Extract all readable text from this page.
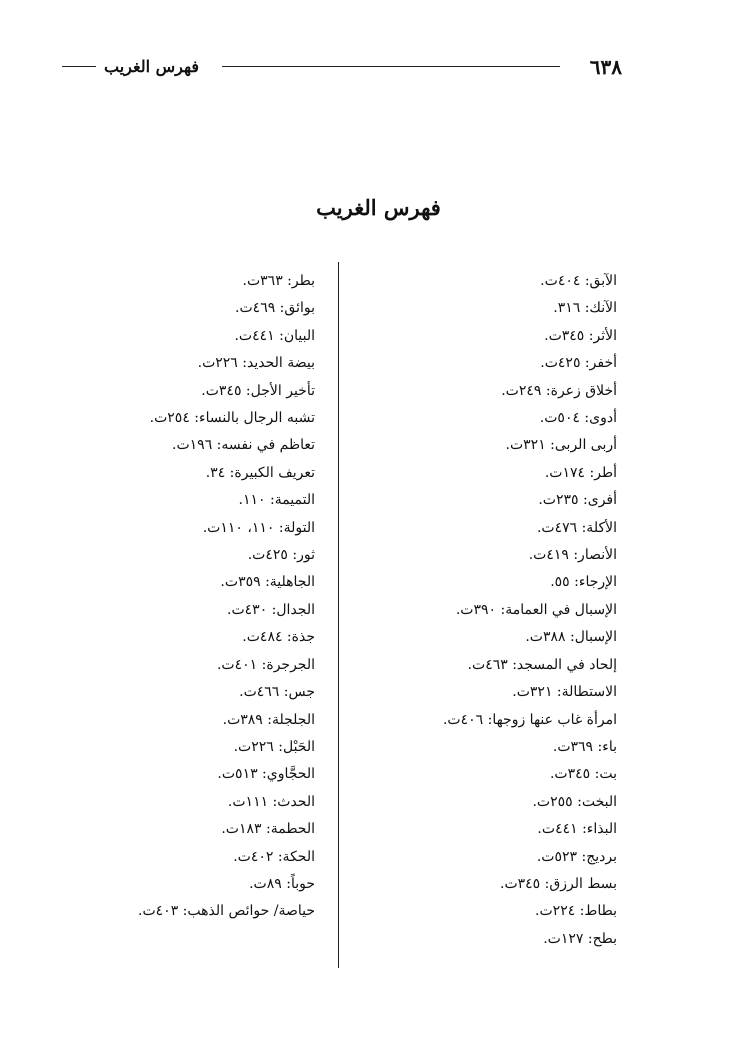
٦٣٨
فهرس الغريب
فهرس الغريب
الآبق: ٤٠٤ت.
الآنك: ٣١٦.
الأثر: ٣٤٥ت.
أخفر: ٤٢٥ت.
أخلاق زعرة: ٢٤٩ت.
أدوى: ٥٠٤ت.
أربى الربى: ٣٢١ت.
أطر: ١٧٤ت.
أفرى: ٢٣٥ت.
الأكلة: ٤٧٦ت.
الأنصار: ٤١٩ت.
الإرجاء: ٥٥.
الإسبال في العمامة: ٣٩٠ت.
الإسبال: ٣٨٨ت.
إلحاد في المسجد: ٤٦٣ت.
الاستطالة: ٣٢١ت.
امرأة غاب عنها زوجها: ٤٠٦ت.
باء: ٣٦٩ت.
بت: ٣٤٥ت.
البخت: ٢٥٥ت.
البذاء: ٤٤١ت.
برديج: ٥٢٣ت.
بسط الرزق: ٣٤٥ت.
بطاط: ٢٢٤ت.
بطح: ١٢٧ت.
بطر: ٣٦٣ت.
بوائق: ٤٦٩ت.
البيان: ٤٤١ت.
بيضة الحديد: ٢٢٦ت.
تأخير الأجل: ٣٤٥ت.
تشبه الرجال بالنساء: ٢٥٤ت.
تعاظم في نفسه: ١٩٦ت.
تعريف الكبيرة: ٣٤.
التميمة: ١١٠.
التولة: ١١٠، ١١٠ت.
ثور: ٤٢٥ت.
الجاهلية: ٣٥٩ت.
الجدال: ٤٣٠ت.
جذة: ٤٨٤ت.
الجرجرة: ٤٠١ت.
جس: ٤٦٦ت.
الجلجلة: ٣٨٩ت.
الحَبْل: ٢٢٦ت.
الحجَّاوي: ٥١٣ت.
الحدث: ١١١ت.
الحطمة: ١٨٣ت.
الحكة: ٤٠٢ت.
حوباً: ٨٩ت.
حياصة/ حوائص الذهب: ٤٠٣ت.
